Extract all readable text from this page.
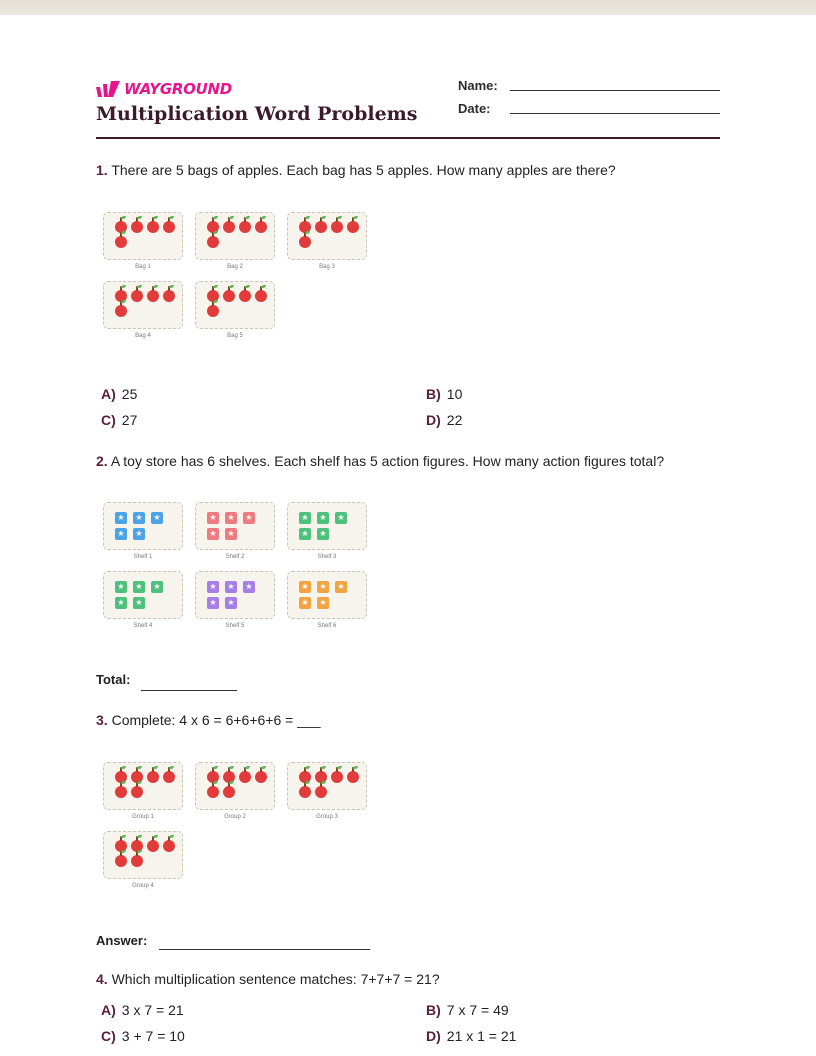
WAYGROUND
Multiplication Word Problems
Name:
Date:
1. There are 5 bags of apples. Each bag has 5 apples. How many apples are there?
Bag 1	Bag 2	Bag 3
Bag 4	Bag 5
A) 25	B) 10
C) 27	D) 22
2. A toy store has 6 shelves. Each shelf has 5 action figures. How many action figures total?
★	★	★
★	★
Shelf 1
★	★	★
★	★
Shelf 2
★	★	★
★	★
Shelf 3
★	★	★
★	★
Shelf 4
★	★	★
★	★
Shelf 5
★	★	★
★	★
Shelf 6
Total:
3. Complete: 4 x 6 = 6+6+6+6 = ___
Group 1	Group 2	Group 3
Group 4
Answer:
4. Which multiplication sentence matches: 7+7+7 = 21?
A) 3 x 7 = 21	B) 7 x 7 = 49
C) 3 + 7 = 10	D) 21 x 1 = 21
